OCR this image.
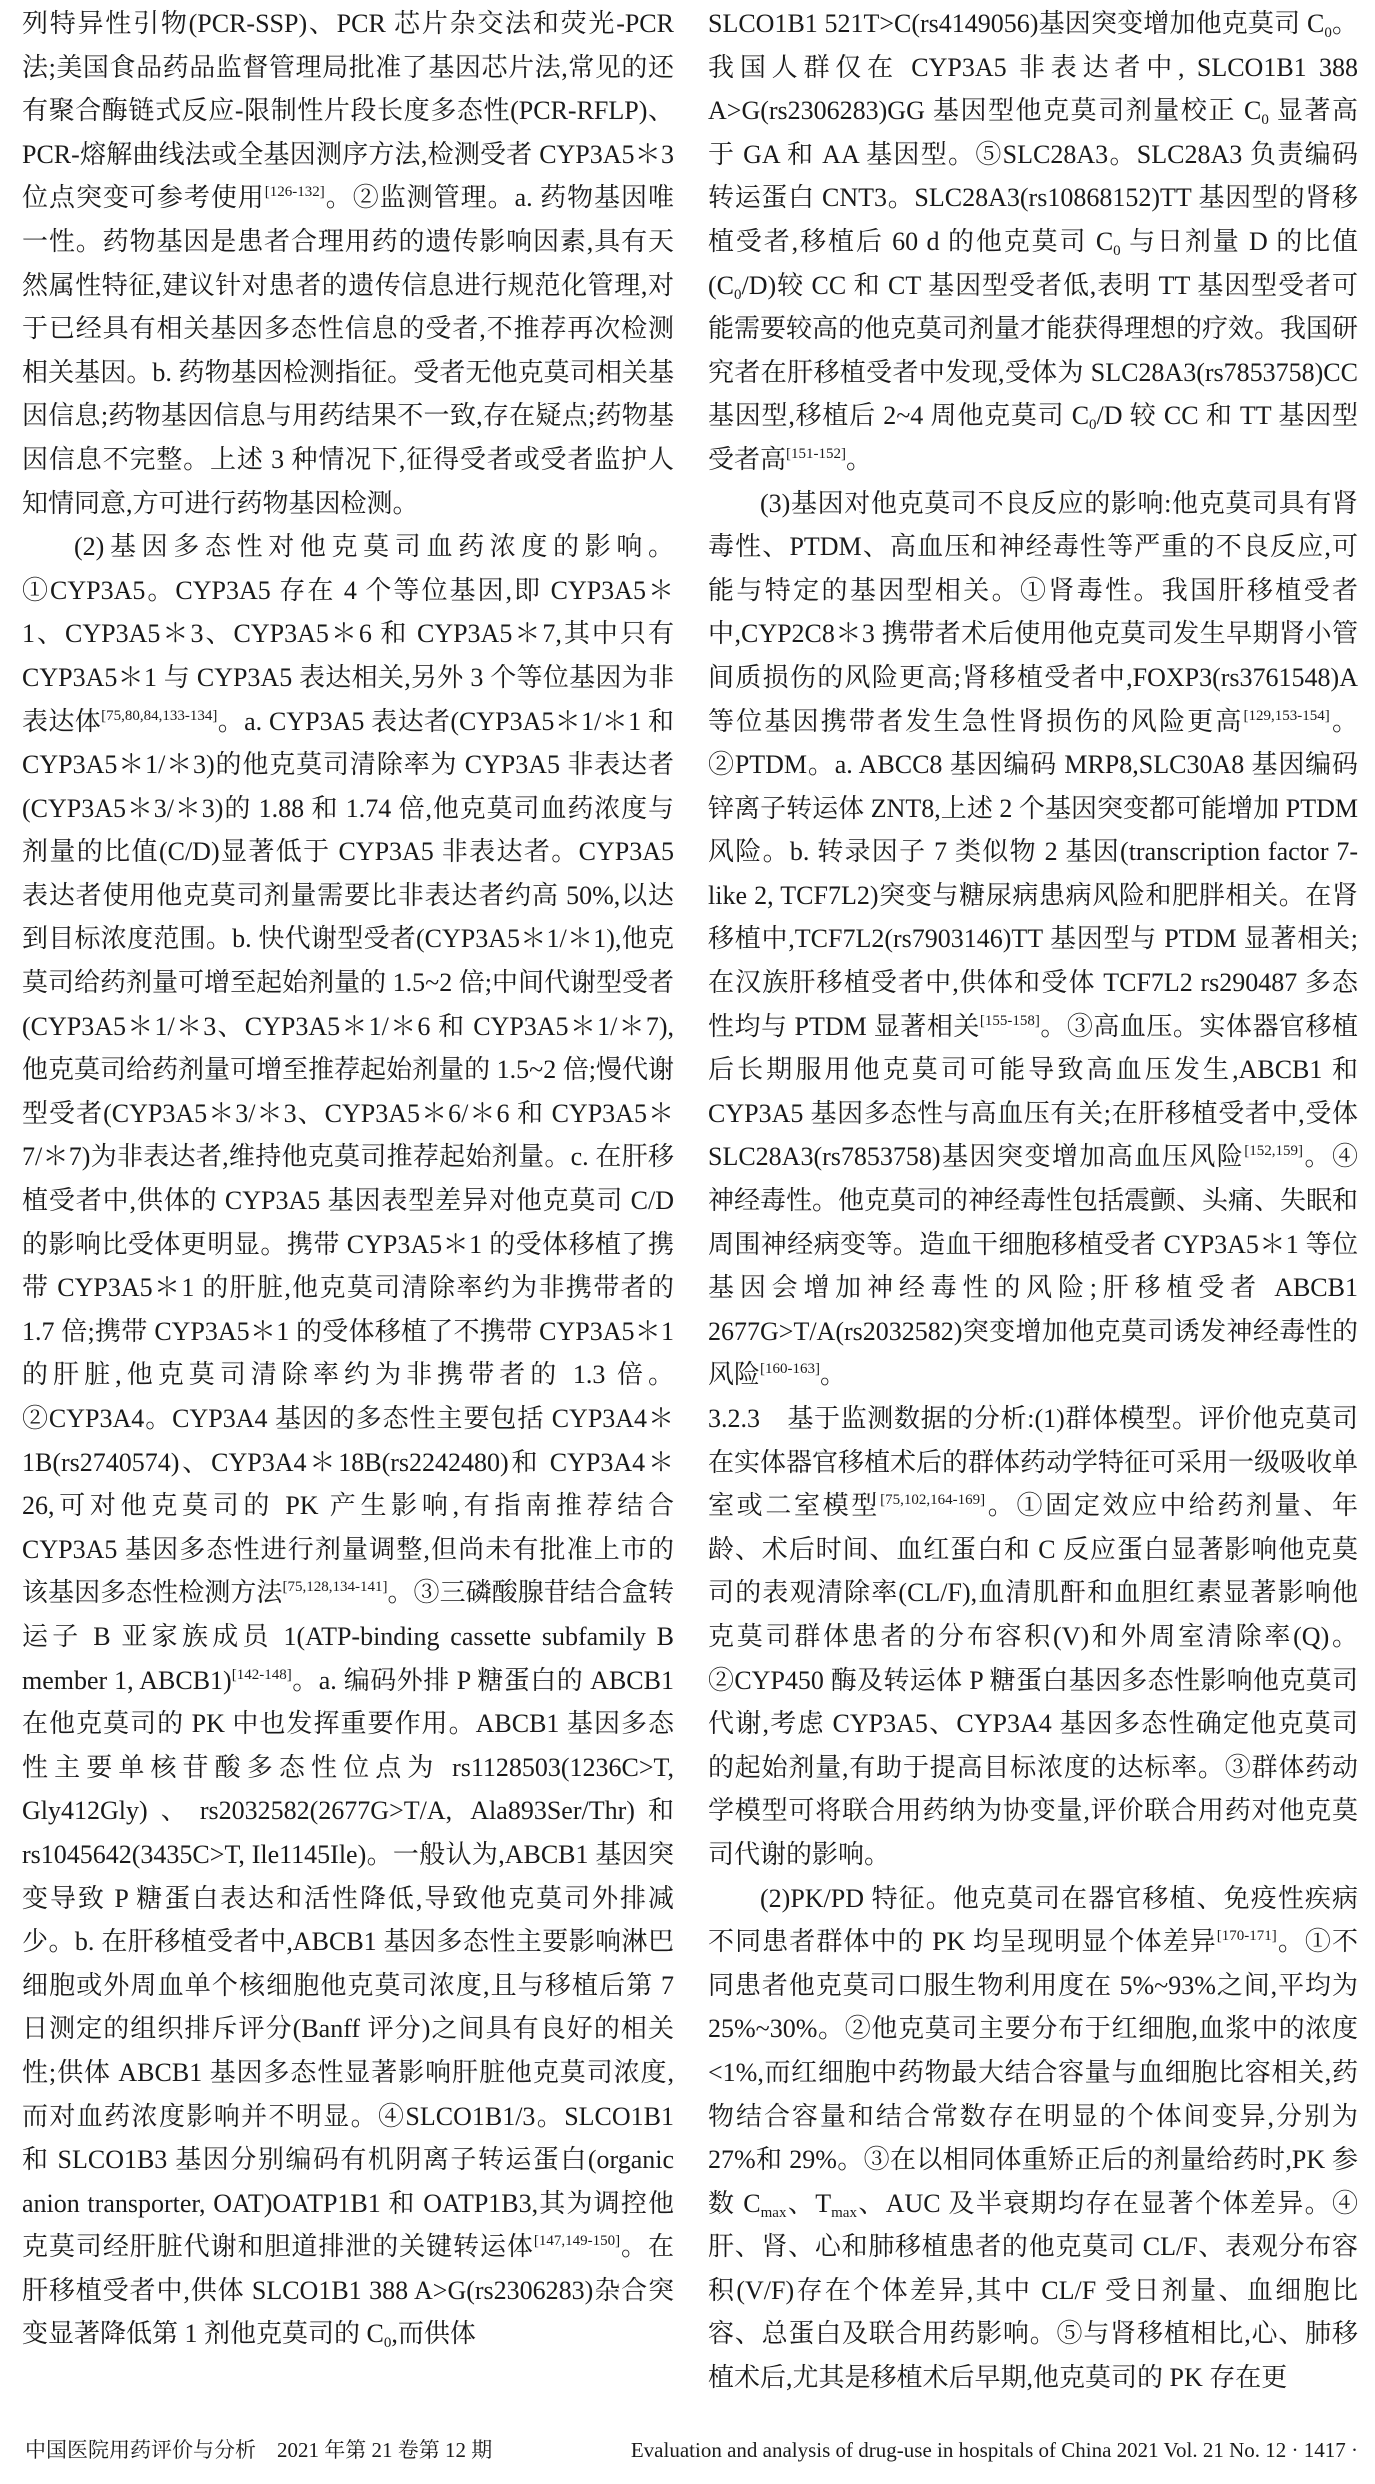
列特异性引物(PCR-SSP)、PCR 芯片杂交法和荧光-PCR 法;美国食品药品监督管理局批准了基因芯片法,常见的还有聚合酶链式反应-限制性片段长度多态性(PCR-RFLP)、PCR-熔解曲线法或全基因测序方法,检测受者 CYP3A5＊3 位点突变可参考使用[126-132]。②监测管理。a. 药物基因唯一性。药物基因是患者合理用药的遗传影响因素,具有天然属性特征,建议针对患者的遗传信息进行规范化管理,对于已经具有相关基因多态性信息的受者,不推荐再次检测相关基因。b. 药物基因检测指征。受者无他克莫司相关基因信息;药物基因信息与用药结果不一致,存在疑点;药物基因信息不完整。上述 3 种情况下,征得受者或受者监护人知情同意,方可进行药物基因检测。

(2)基因多态性对他克莫司血药浓度的影响。①CYP3A5。CYP3A5 存在 4 个等位基因,即 CYP3A5＊1、CYP3A5＊3、CYP3A5＊6 和 CYP3A5＊7,其中只有 CYP3A5＊1 与 CYP3A5 表达相关,另外 3 个等位基因为非表达体[75,80,84,133-134]。a. CYP3A5 表达者(CYP3A5＊1/＊1 和 CYP3A5＊1/＊3)的他克莫司清除率为 CYP3A5 非表达者(CYP3A5＊3/＊3)的 1.88 和 1.74 倍,他克莫司血药浓度与剂量的比值(C/D)显著低于 CYP3A5 非表达者。CYP3A5 表达者使用他克莫司剂量需要比非表达者约高 50%,以达到目标浓度范围。b. 快代谢型受者(CYP3A5＊1/＊1),他克莫司给药剂量可增至起始剂量的 1.5~2 倍;中间代谢型受者(CYP3A5＊1/＊3、CYP3A5＊1/＊6 和 CYP3A5＊1/＊7),他克莫司给药剂量可增至推荐起始剂量的 1.5~2 倍;慢代谢型受者(CYP3A5＊3/＊3、CYP3A5＊6/＊6 和 CYP3A5＊7/＊7)为非表达者,维持他克莫司推荐起始剂量。c. 在肝移植受者中,供体的 CYP3A5 基因表型差异对他克莫司 C/D 的影响比受体更明显。携带 CYP3A5＊1 的受体移植了携带 CYP3A5＊1 的肝脏,他克莫司清除率约为非携带者的 1.7 倍;携带 CYP3A5＊1 的受体移植了不携带 CYP3A5＊1 的肝脏,他克莫司清除率约为非携带者的 1.3 倍。②CYP3A4。CYP3A4 基因的多态性主要包括 CYP3A4＊1B(rs2740574)、CYP3A4＊18B(rs2242480)和 CYP3A4＊26,可对他克莫司的 PK 产生影响,有指南推荐结合 CYP3A5 基因多态性进行剂量调整,但尚未有批准上市的该基因多态性检测方法[75,128,134-141]。③三磷酸腺苷结合盒转运子 B 亚家族成员 1(ATP-binding cassette subfamily B member 1, ABCB1)[142-148]。a. 编码外排 P 糖蛋白的 ABCB1 在他克莫司的 PK 中也发挥重要作用。ABCB1 基因多态性主要单核苷酸多态性位点为 rs1128503(1236C>T, Gly412Gly)、rs2032582(2677G>T/A, Ala893Ser/Thr)和 rs1045642(3435C>T, Ile1145Ile)。一般认为,ABCB1 基因突变导致 P 糖蛋白表达和活性降低,导致他克莫司外排减少。b. 在肝移植受者中,ABCB1 基因多态性主要影响淋巴细胞或外周血单个核细胞他克莫司浓度,且与移植后第 7 日测定的组织排斥评分(Banff 评分)之间具有良好的相关性;供体 ABCB1 基因多态性显著影响肝脏他克莫司浓度,而对血药浓度影响并不明显。④SLCO1B1/3。SLCO1B1 和 SLCO1B3 基因分别编码有机阴离子转运蛋白(organic anion transporter, OAT)OATP1B1 和 OATP1B3,其为调控他克莫司经肝脏代谢和胆道排泄的关键转运体[147,149-150]。在肝移植受者中,供体 SLCO1B1 388 A>G(rs2306283)杂合突变显著降低第 1 剂他克莫司的 $C_0$,而供体

SLCO1B1 521T>C(rs4149056)基因突变增加他克莫司 $C_0$。我国人群仅在 CYP3A5 非表达者中, SLCO1B1 388 A>G(rs2306283)GG 基因型他克莫司剂量校正 $C_0$ 显著高于 GA 和 AA 基因型。⑤SLC28A3。SLC28A3 负责编码转运蛋白 CNT3。SLC28A3(rs10868152)TT 基因型的肾移植受者,移植后 60 d 的他克莫司 $C_0$ 与日剂量 D 的比值$(C_0/D)$较 CC 和 CT 基因型受者低,表明 TT 基因型受者可能需要较高的他克莫司剂量才能获得理想的疗效。我国研究者在肝移植受者中发现,受体为 SLC28A3(rs7853758)CC 基因型,移植后 2~4 周他克莫司 $C_0/D$ 较 CC 和 TT 基因型受者高[151-152]。

(3)基因对他克莫司不良反应的影响:他克莫司具有肾毒性、PTDM、高血压和神经毒性等严重的不良反应,可能与特定的基因型相关。①肾毒性。我国肝移植受者中,CYP2C8＊3 携带者术后使用他克莫司发生早期肾小管间质损伤的风险更高;肾移植受者中,FOXP3(rs3761548)A 等位基因携带者发生急性肾损伤的风险更高[129,153-154]。②PTDM。a. ABCC8 基因编码 MRP8,SLC30A8 基因编码锌离子转运体 ZNT8,上述 2 个基因突变都可能增加 PTDM 风险。b. 转录因子 7 类似物 2 基因(transcription factor 7-like 2, TCF7L2)突变与糖尿病患病风险和肥胖相关。在肾移植中,TCF7L2(rs7903146)TT 基因型与 PTDM 显著相关;在汉族肝移植受者中,供体和受体 TCF7L2 rs290487 多态性均与 PTDM 显著相关[155-158]。③高血压。实体器官移植后长期服用他克莫司可能导致高血压发生,ABCB1 和 CYP3A5 基因多态性与高血压有关;在肝移植受者中,受体 SLC28A3(rs7853758)基因突变增加高血压风险[152,159]。④神经毒性。他克莫司的神经毒性包括震颤、头痛、失眠和周围神经病变等。造血干细胞移植受者 CYP3A5＊1 等位基因会增加神经毒性的风险;肝移植受者 ABCB1 2677G>T/A(rs2032582)突变增加他克莫司诱发神经毒性的风险[160-163]。

3.2.3　基于监测数据的分析:(1)群体模型。评价他克莫司在实体器官移植术后的群体药动学特征可采用一级吸收单室或二室模型[75,102,164-169]。①固定效应中给药剂量、年龄、术后时间、血红蛋白和 C 反应蛋白显著影响他克莫司的表观清除率(CL/F),血清肌酐和血胆红素显著影响他克莫司群体患者的分布容积(V)和外周室清除率(Q)。②CYP450 酶及转运体 P 糖蛋白基因多态性影响他克莫司代谢,考虑 CYP3A5、CYP3A4 基因多态性确定他克莫司的起始剂量,有助于提高目标浓度的达标率。③群体药动学模型可将联合用药纳为协变量,评价联合用药对他克莫司代谢的影响。

(2)PK/PD 特征。他克莫司在器官移植、免疫性疾病不同患者群体中的 PK 均呈现明显个体差异[170-171]。①不同患者他克莫司口服生物利用度在 5%~93%之间,平均为 25%~30%。②他克莫司主要分布于红细胞,血浆中的浓度<1%,而红细胞中药物最大结合容量与血细胞比容相关,药物结合容量和结合常数存在明显的个体间变异,分别为 27%和 29%。③在以相同体重矫正后的剂量给药时,PK 参数 $C_{max}$、$T_{max}$、AUC 及半衰期均存在显著个体差异。④肝、肾、心和肺移植患者的他克莫司 CL/F、表观分布容积(V/F)存在个体差异,其中 CL/F 受日剂量、血细胞比容、总蛋白及联合用药影响。⑤与肾移植相比,心、肺移植术后,尤其是移植术后早期,他克莫司的 PK 存在更

中国医院用药评价与分析　2021 年第 21 卷第 12 期	Evaluation and analysis of drug-use in hospitals of China 2021 Vol. 21 No. 12 · 1417 ·
